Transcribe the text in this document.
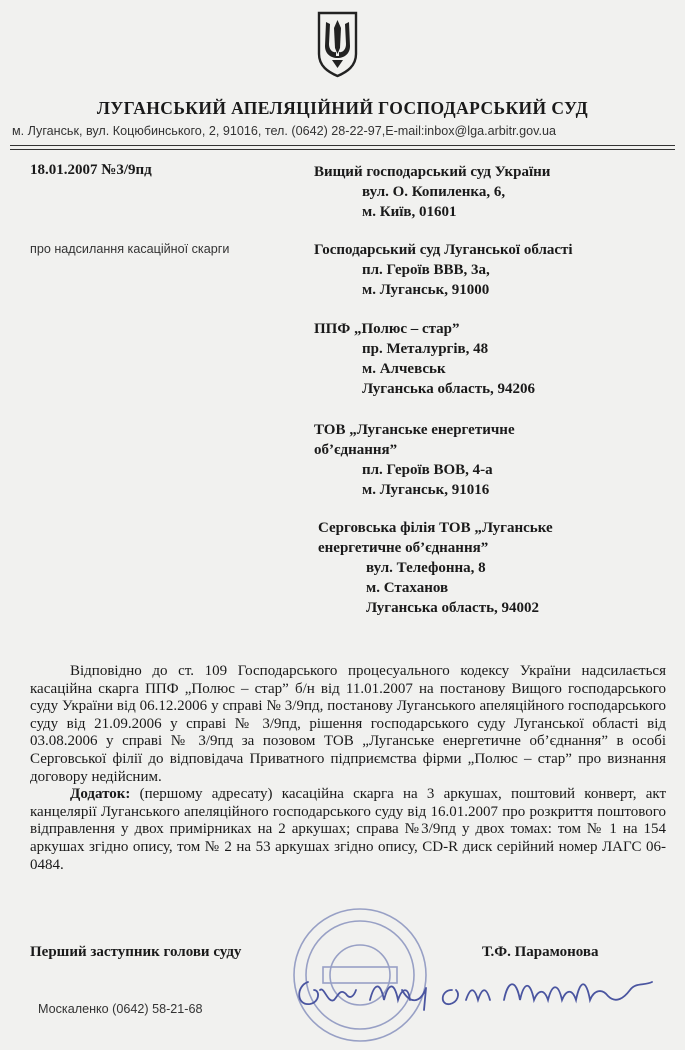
ЛУГАНСЬКИЙ АПЕЛЯЦІЙНИЙ ГОСПОДАРСЬКИЙ СУД
м. Луганськ, вул. Коцюбинського, 2, 91016, тел. (0642) 28-22-97,E-mail:inbox@lga.arbitr.gov.ua
18.01.2007 №3/9пд
про надсилання касаційної скарги
Вищий господарський суд України
вул. О. Копиленка, 6,
м. Київ, 01601
Господарський суд Луганської області
пл. Героїв ВВВ, 3а,
м. Луганськ, 91000
ППФ „Полюс – стар”
пр. Металургів, 48
м. Алчевськ
Луганська область, 94206
ТОВ „Луганське енергетичне
об’єднання”
пл. Героїв ВОВ, 4-а
м. Луганськ, 91016
Серговська філія ТОВ „Луганське
енергетичне об’єднання”
вул. Телефонна, 8
м. Стаханов
Луганська область, 94002

Відповідно до ст. 109 Господарського процесуального кодексу України надсилається касаційна скарга ППФ „Полюс – стар” б/н від 11.01.2007 на постанову Вищого господарського суду України від 06.12.2006 у справі № 3/9пд, постанову Луганського апеляційного господарського суду від 21.09.2006 у справі № 3/9пд, рішення господарського суду Луганської області від 03.08.2006 у справі № 3/9пд за позовом ТОВ „Луганське енергетичне об’єднання” в особі Серговської філії до відповідача Приватного підприємства фірми „Полюс – стар” про визнання договору недійсним.

Додаток: (першому адресату) касаційна скарга на 3 аркушах, поштовий конверт, акт канцелярії Луганського апеляційного господарського суду від 16.01.2007 про розкриття поштового відправлення у двох примірниках на 2 аркушах; справа №3/9пд у двох томах: том № 1 на 154 аркушах згідно опису, том № 2 на 53 аркушах згідно опису, CD-R диск серійний номер ЛАГС 06-0484.

Перший заступник голови суду	Т.Ф. Парамонова
Москаленко (0642) 58-21-68
